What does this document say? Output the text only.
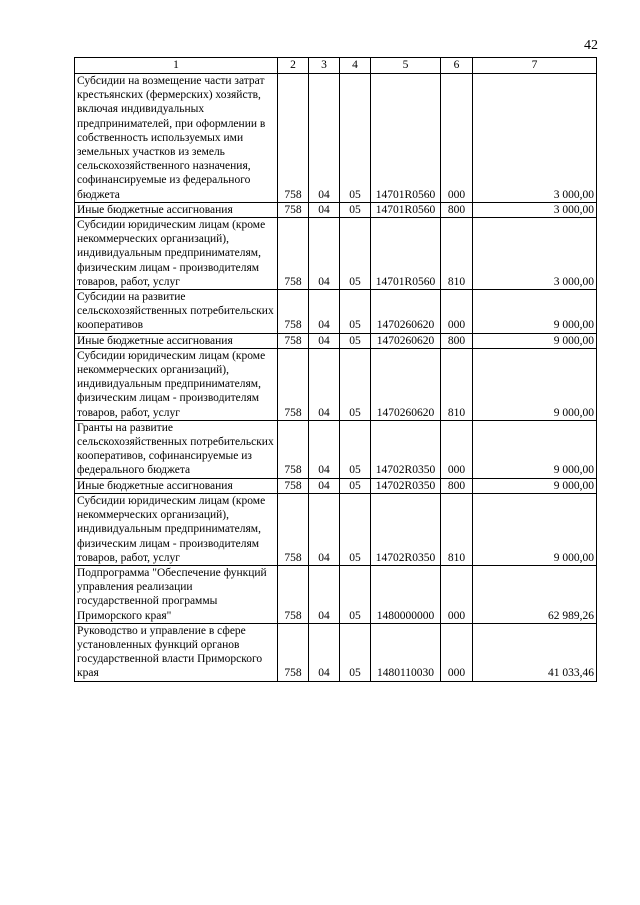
42
1	2	3	4	5	6	7
Субсидии на возмещение части затрат крестьянских (фермерских) хозяйств, включая индивидуальных предпринимателей, при оформлении в собственность используемых ими земельных участков из земель сельскохозяйственного назначения, софинансируемые из федерального бюджета	758	04	05	14701R0560	000	3 000,00
Иные бюджетные ассигнования	758	04	05	14701R0560	800	3 000,00
Субсидии юридическим лицам (кроме некоммерческих организаций), индивидуальным предпринимателям, физическим лицам - производителям товаров, работ, услуг	758	04	05	14701R0560	810	3 000,00
Субсидии на развитие сельскохозяйственных потребительских кооперативов	758	04	05	1470260620	000	9 000,00
Иные бюджетные ассигнования	758	04	05	1470260620	800	9 000,00
Субсидии юридическим лицам (кроме некоммерческих организаций), индивидуальным предпринимателям, физическим лицам - производителям товаров, работ, услуг	758	04	05	1470260620	810	9 000,00
Гранты на развитие сельскохозяйственных потребительских кооперативов, софинансируемые из федерального бюджета	758	04	05	14702R0350	000	9 000,00
Иные бюджетные ассигнования	758	04	05	14702R0350	800	9 000,00
Субсидии юридическим лицам (кроме некоммерческих организаций), индивидуальным предпринимателям, физическим лицам - производителям товаров, работ, услуг	758	04	05	14702R0350	810	9 000,00
Подпрограмма "Обеспечение функций управления реализации государственной программы Приморского края"	758	04	05	1480000000	000	62 989,26
Руководство и управление в сфере установленных функций органов государственной власти Приморского края	758	04	05	1480110030	000	41 033,46
